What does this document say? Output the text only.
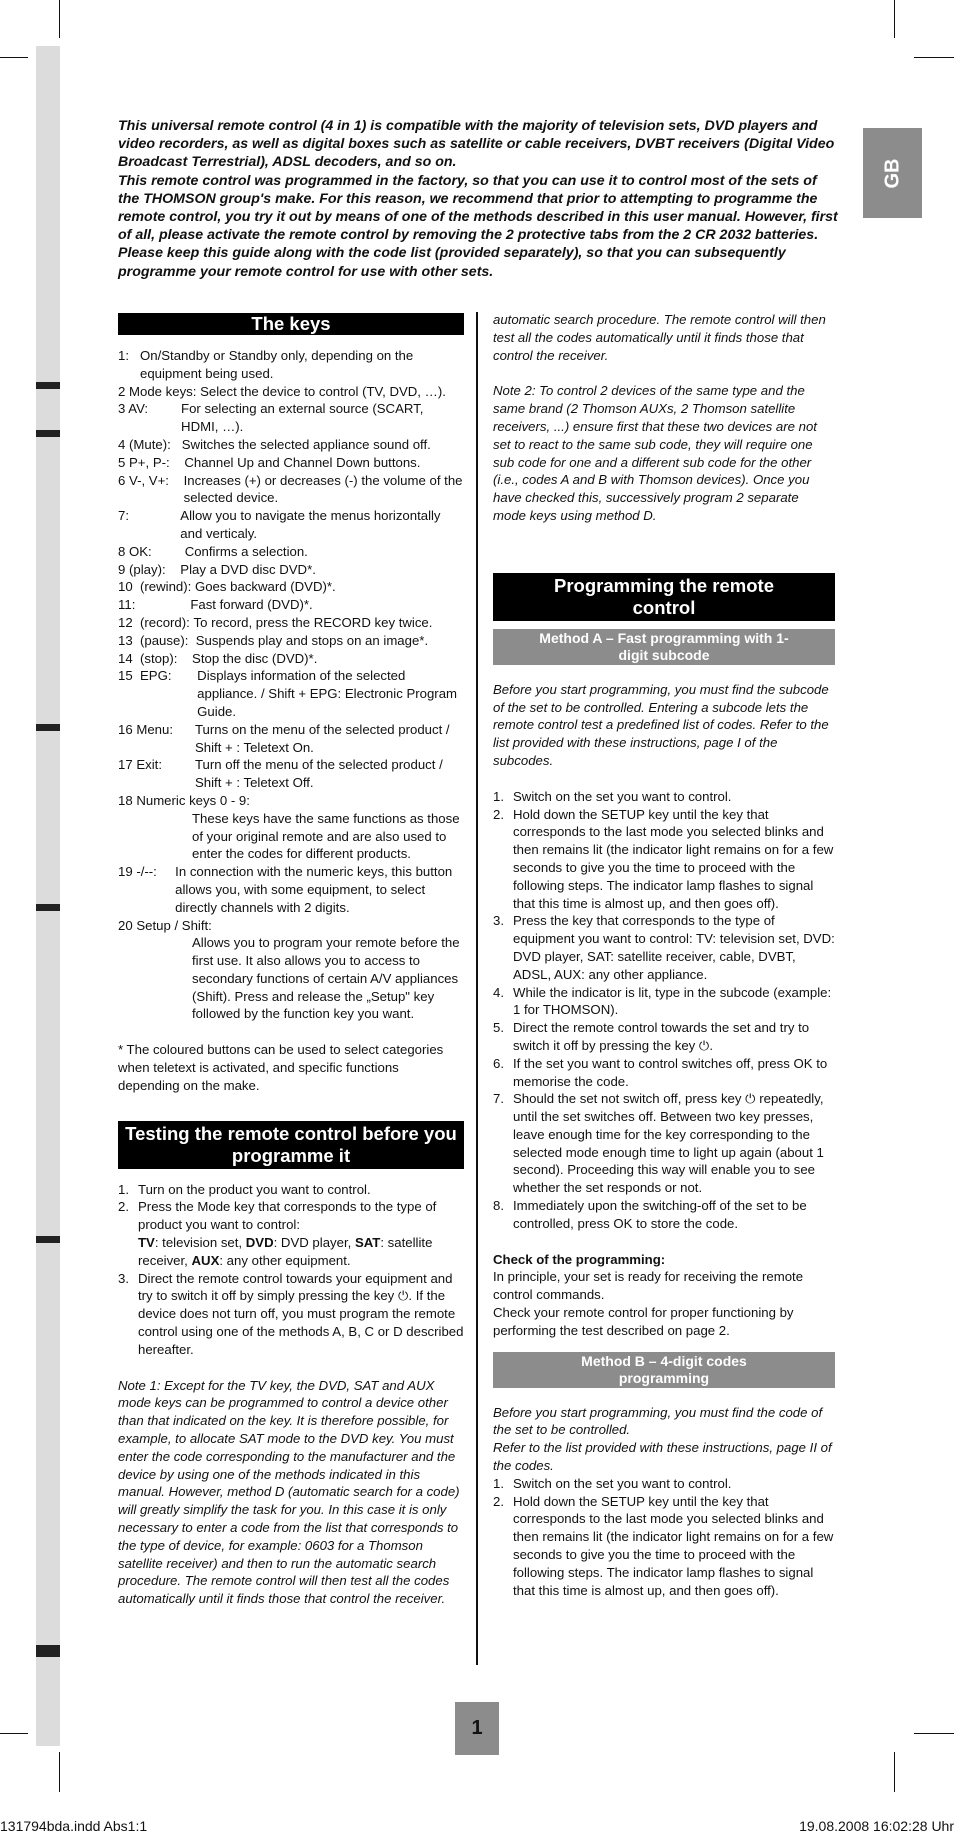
GB

This universal remote control (4 in 1) is compatible with the majority of television sets, DVD players and video recorders, as well as digital boxes such as satellite or cable receivers, DVBT receivers (Digital Video Broadcast Terrestrial), ADSL decoders, and so on.

This remote control was programmed in the factory, so that you can use it to control most of the sets of the THOMSON group's make. For this reason, we recommend that prior to attempting to programme the remote control, you try it out by means of one of the methods described in this user manual. However, first of all, please activate the remote control by removing the 2 protective tabs from the 2 CR 2032 batteries.

Please keep this guide along with the code list (provided separately), so that you can subsequently programme your remote control for use with other sets.

The keys
1: On/Standby or Standby only, depending on the equipment being used.
2 Mode keys: Select the device to control (TV, DVD, …).
3 AV: For selecting an external source (SCART, HDMI, …).
4 (Mute): Switches the selected appliance sound off.
5 P+, P-: Channel Up and Channel Down buttons.
6 V-, V+: Increases (+) or decreases (-) the volume of the selected device.
7: Allow you to navigate the menus horizontally and verticaly.
8 OK: Confirms a selection.
9 (play): Play a DVD disc DVD*.
10  (rewind): Goes backward (DVD)*.
11: Fast forward (DVD)*.
12  (record): To record, press the RECORD key twice.
13  (pause): Suspends play and stops on an image*.
14  (stop): Stop the disc (DVD)*.
15  EPG: Displays information of the selected appliance. / Shift + EPG: Electronic Program Guide.
16 Menu: Turns on the menu of the selected product / Shift + : Teletext On.
17 Exit: Turn off the menu of the selected product / Shift + : Teletext Off.
18 Numeric keys 0 - 9:
These keys have the same functions as those of your original remote and are also used to enter the codes for different products.
19 -/--: In connection with the numeric keys, this button allows you, with some equipment, to select directly channels with 2 digits.
20 Setup / Shift:
Allows you to program your remote before the first use. It also allows you to access to secondary functions of certain A/V appliances (Shift). Press and release the „Setup" key followed by the function key you want.

* The coloured buttons can be used to select categories when teletext is activated, and specific functions depending on the make.

Testing the remote control before you programme it
1. Turn on the product you want to control.
2. Press the Mode key that corresponds to the type of product you want to control:
TV: television set, DVD: DVD player, SAT: satellite receiver, AUX: any other equipment.
3. Direct the remote control towards your equipment and try to switch it off by simply pressing the key ⏻. If the device does not turn off, you must program the remote control using one of the methods A, B, C or D described hereafter.

Note 1: Except for the TV key, the DVD, SAT and AUX mode keys can be programmed to control a device other than that indicated on the key. It is therefore possible, for example, to allocate SAT mode to the DVD key. You must enter the code corresponding to the manufacturer and the device by using one of the methods indicated in this manual. However, method D (automatic search for a code) will greatly simplify the task for you. In this case it is only necessary to enter a code from the list that corresponds to the type of device, for example: 0603 for a Thomson satellite receiver) and then to run the automatic search procedure. The remote control will then test all the codes automatically until it finds those that control the receiver.

automatic search procedure. The remote control will then test all the codes automatically until it finds those that control the receiver.

Note 2: To control 2 devices of the same type and the same brand (2 Thomson AUXs, 2 Thomson satellite receivers, ...) ensure first that these two devices are not set to react to the same sub code, they will require one sub code for one and a different sub code for the other (i.e., codes A and B with Thomson devices). Once you have checked this, successively program 2 separate mode keys using method D.

Programming the remote control
Method A – Fast programming with 1-digit subcode

Before you start programming, you must find the subcode of the set to be controlled. Entering a subcode lets the remote control test a predefined list of codes. Refer to the list provided with these instructions, page I of the subcodes.

1. Switch on the set you want to control.
2. Hold down the SETUP key until the key that corresponds to the last mode you selected blinks and then remains lit (the indicator light remains on for a few seconds to give you the time to proceed with the following steps. The indicator lamp flashes to signal that this time is almost up, and then goes off).
3. Press the key that corresponds to the type of equipment you want to control: TV: television set, DVD: DVD player, SAT: satellite receiver, cable, DVBT, ADSL, AUX: any other appliance.
4. While the indicator is lit, type in the subcode (example: 1 for THOMSON).
5. Direct the remote control towards the set and try to switch it off by pressing the key ⏻.
6. If the set you want to control switches off, press OK to memorise the code.
7. Should the set not switch off, press key ⏻ repeatedly, until the set switches off. Between two key presses, leave enough time for the key corresponding to the selected mode enough time to light up again (about 1 second). Proceeding this way will enable you to see whether the set responds or not.
8. Immediately upon the switching-off of the set to be controlled, press OK to store the code.

Check of the programming:

In principle, your set is ready for receiving the remote control commands.

Check your remote control for proper functioning by performing the test described on page 2.

Method B – 4-digit codes programming

Before you start programming, you must find the code of the set to be controlled.

Refer to the list provided with these instructions, page II of the codes.

1. Switch on the set you want to control.
2. Hold down the SETUP key until the key that corresponds to the last mode you selected blinks and then remains lit (the indicator light remains on for a few seconds to give you the time to proceed with the following steps. The indicator lamp flashes to signal that this time is almost up, and then goes off).
1
131794bda.indd Abs1:1	19.08.2008 16:02:28 Uhr
